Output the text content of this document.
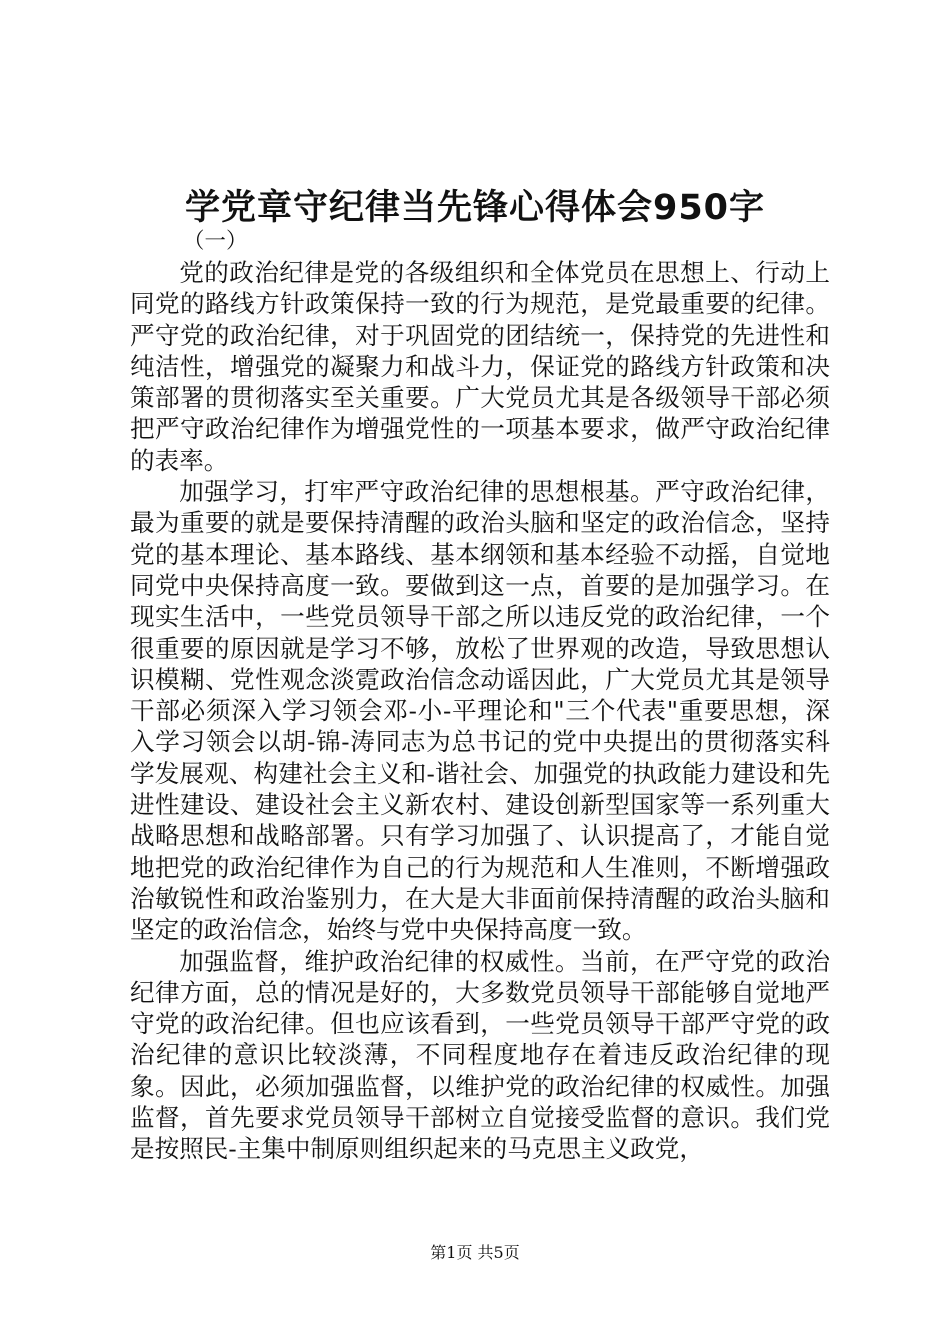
学党章守纪律当先锋心得体会950字

（一）

党的政治纪律是党的各级组织和全体党员在思想上、行动上同党的路线方针政策保持一致的行为规范，是党最重要的纪律。严守党的政治纪律，对于巩固党的团结统一，保持党的先进性和纯洁性，增强党的凝聚力和战斗力，保证党的路线方针政策和决策部署的贯彻落实至关重要。广大党员尤其是各级领导干部必须把严守政治纪律作为增强党性的一项基本要求，做严守政治纪律的表率。

加强学习，打牢严守政治纪律的思想根基。严守政治纪律，最为重要的就是要保持清醒的政治头脑和坚定的政治信念，坚持党的基本理论、基本路线、基本纲领和基本经验不动摇，自觉地同党中央保持高度一致。要做到这一点，首要的是加强学习。在现实生活中，一些党员领导干部之所以违反党的政治纪律，一个很重要的原因就是学习不够，放松了世界观的改造，导致思想认识模糊、党性观念淡霓政治信念动谣因此，广大党员尤其是领导干部必须深入学习领会邓-小-平理论和"三个代表"重要思想，深入学习领会以胡-锦-涛同志为总书记的党中央提出的贯彻落实科学发展观、构建社会主义和-谐社会、加强党的执政能力建设和先进性建设、建设社会主义新农村、建设创新型国家等一系列重大战略思想和战略部署。只有学习加强了、认识提高了，才能自觉地把党的政治纪律作为自己的行为规范和人生准则，不断增强政治敏锐性和政治鉴别力，在大是大非面前保持清醒的政治头脑和坚定的政治信念，始终与党中央保持高度一致。

加强监督，维护政治纪律的权威性。当前，在严守党的政治纪律方面，总的情况是好的，大多数党员领导干部能够自觉地严守党的政治纪律。但也应该看到，一些党员领导干部严守党的政治纪律的意识比较淡薄，不同程度地存在着违反政治纪律的现象。因此，必须加强监督，以维护党的政治纪律的权威性。加强监督，首先要求党员领导干部树立自觉接受监督的意识。我们党是按照民-主集中制原则组织起来的马克思主义政党，

第1页 共5页
